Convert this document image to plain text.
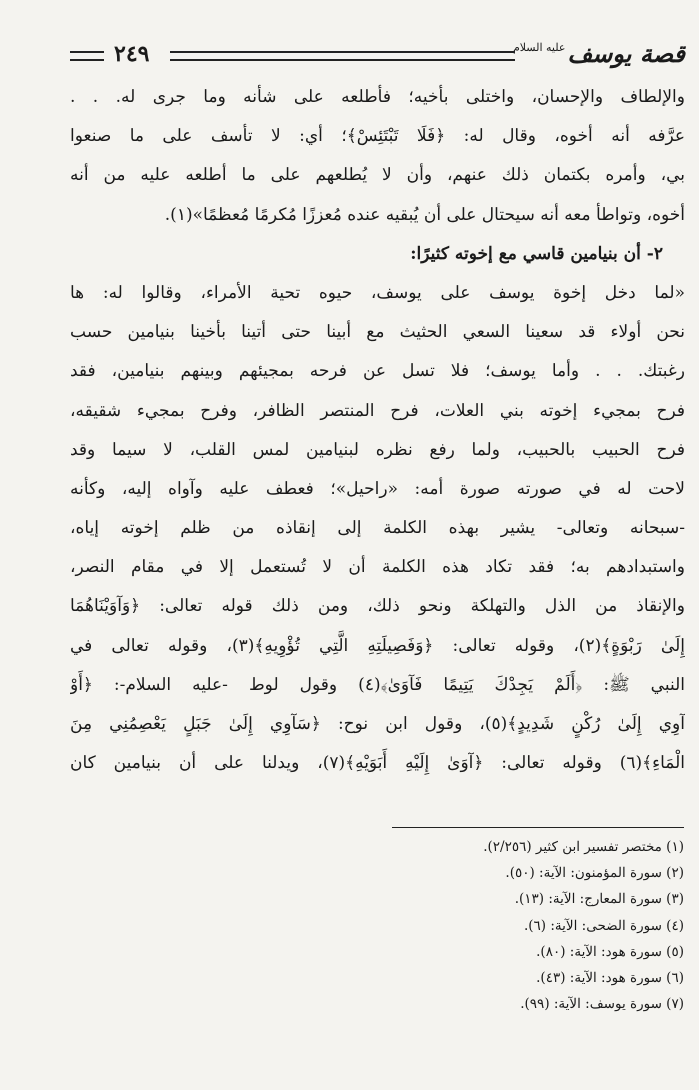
قصة يوسف
عليه السلام
٢٤٩
والإلطاف والإحسان، واختلى بأخيه؛ فأطلعه على شأنه وما جرى له. . .
عرَّفه أنه أخوه، وقال له: ﴿فَلَا تَبْتَئِسْ﴾؛ أي: لا تأسف على ما صنعوا
بي، وأمره بكتمان ذلك عنهم، وأن لا يُطلعهم على ما أطلعه عليه من أنه
أخوه، وتواطأ معه أنه سيحتال على أن يُبقيه عنده مُعززًا مُكرمًا مُعظمًا»(١).
٢- أن بنيامين قاسي مع إخوته كثيرًا:
«لما دخل إخوة يوسف على يوسف، حيوه تحية الأمراء، وقالوا له: ها
نحن أولاء قد سعينا السعي الحثيث مع أبينا حتى أتينا بأخينا بنيامين حسب
رغبتك. . . وأما يوسف؛ فلا تسل عن فرحه بمجيئهم وبينهم بنيامين، فقد
فرح بمجيء إخوته بني العلات، فرح المنتصر الظافر، وفرح بمجيء شقيقه،
فرح الحبيب بالحبيب، ولما رفع نظره لبنيامين لمس القلب، لا سيما وقد
لاحت له في صورته صورة أمه: «راحيل»؛ فعطف عليه وآواه إليه، وكأنه
-سبحانه وتعالى- يشير بهذه الكلمة إلى إنقاذه من ظلم إخوته إياه،
واستبدادهم به؛ فقد تكاد هذه الكلمة أن لا تُستعمل إلا في مقام النصر،
والإنقاذ من الذل والتهلكة ونحو ذلك، ومن ذلك قوله تعالى: ﴿وَآوَيْنَاهُمَا
إِلَىٰ رَبْوَةٍ﴾(٢)، وقوله تعالى: ﴿وَفَصِيلَتِهِ الَّتِي تُؤْوِيهِ﴾(٣)، وقوله تعالى في
النبي ﷺ: ﴿أَلَمْ يَجِدْكَ يَتِيمًا فَآوَىٰ﴾(٤) وقول لوط -عليه السلام-: ﴿أَوْ
آوِي إِلَىٰ رُكْنٍ شَدِيدٍ﴾(٥)، وقول ابن نوح: ﴿سَآوِي إِلَىٰ جَبَلٍ يَعْصِمُنِي مِنَ
الْمَاءِ﴾(٦) وقوله تعالى: ﴿آوَىٰ إِلَيْهِ أَبَوَيْهِ﴾(٧)، ويدلنا على أن بنيامين كان
(١) مختصر تفسير ابن كثير (٢/٢٥٦).
(٢) سورة المؤمنون: الآية: (٥٠).
(٣) سورة المعارج: الآية: (١٣).
(٤) سورة الضحى: الآية: (٦).
(٥) سورة هود: الآية: (٨٠).
(٦) سورة هود: الآية: (٤٣).
(٧) سورة يوسف: الآية: (٩٩).
